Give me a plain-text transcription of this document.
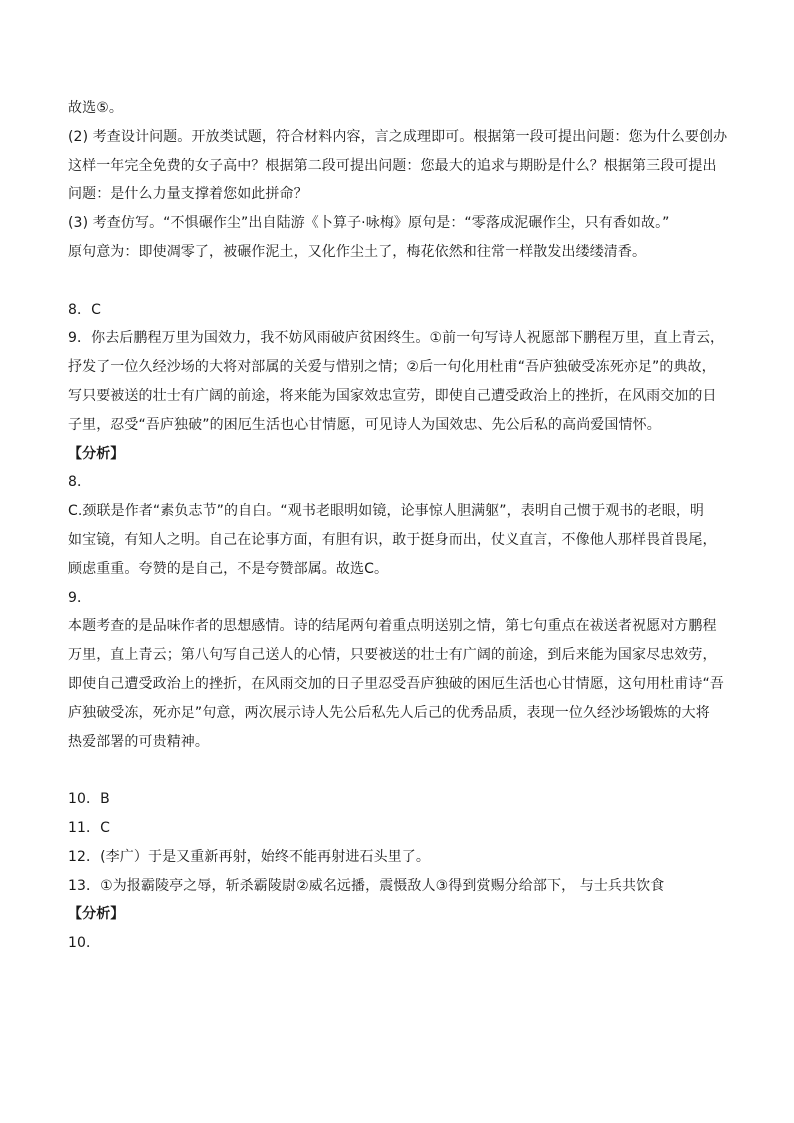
故选⑤。
(2) 考查设计问题。开放类试题，符合材料内容，言之成理即可。根据第一段可提出问题：您为什么要创办
这样一年完全免费的女子高中？根据第二段可提出问题：您最大的追求与期盼是什么？根据第三段可提出
问题：是什么力量支撑着您如此拼命？
(3) 考查仿写。“不惧碾作尘”出自陆游《卜算子·咏梅》原句是：“零落成泥碾作尘，只有香如故。”
原句意为：即使凋零了，被碾作泥土，又化作尘土了，梅花依然和往常一样散发出缕缕清香。
8．C
9．你去后鹏程万里为国效力，我不妨风雨破庐贫困终生。①前一句写诗人祝愿部下鹏程万里，直上青云，
抒发了一位久经沙场的大将对部属的关爱与惜别之情；②后一句化用杜甫“吾庐独破受冻死亦足”的典故，
写只要被送的壮士有广阔的前途，将来能为国家效忠宣劳，即使自己遭受政治上的挫折，在风雨交加的日
子里，忍受“吾庐独破”的困厄生活也心甘情愿，可见诗人为国效忠、先公后私的高尚爱国情怀。
【分析】
8．
C.颈联是作者“素负志节”的自白。“观书老眼明如镜，论事惊人胆满躯”，表明自己惯于观书的老眼，明
如宝镜，有知人之明。自己在论事方面，有胆有识，敢于挺身而出，仗义直言，不像他人那样畏首畏尾，
顾虑重重。夸赞的是自己，不是夸赞部属。故选C。
9．
本题考查的是品味作者的思想感情。诗的结尾两句着重点明送别之情，第七句重点在祓送者祝愿对方鹏程
万里，直上青云；第八句写自己送人的心情，只要被送的壮士有广阔的前途，到后来能为国家尽忠效劳，
即使自己遭受政治上的挫折，在风雨交加的日子里忍受吾庐独破的困厄生活也心甘情愿，这句用杜甫诗“吾
庐独破受冻，死亦足”句意，两次展示诗人先公后私先人后己的优秀品质，表现一位久经沙场锻炼的大将
热爱部署的可贵精神。
10．B
11．C
12．(李广）于是又重新再射，始终不能再射进石头里了。
13．①为报霸陵亭之辱，斩杀霸陵尉②威名远播，震慑敌人③得到赏赐分给部下， 与士兵共饮食
【分析】
10．
